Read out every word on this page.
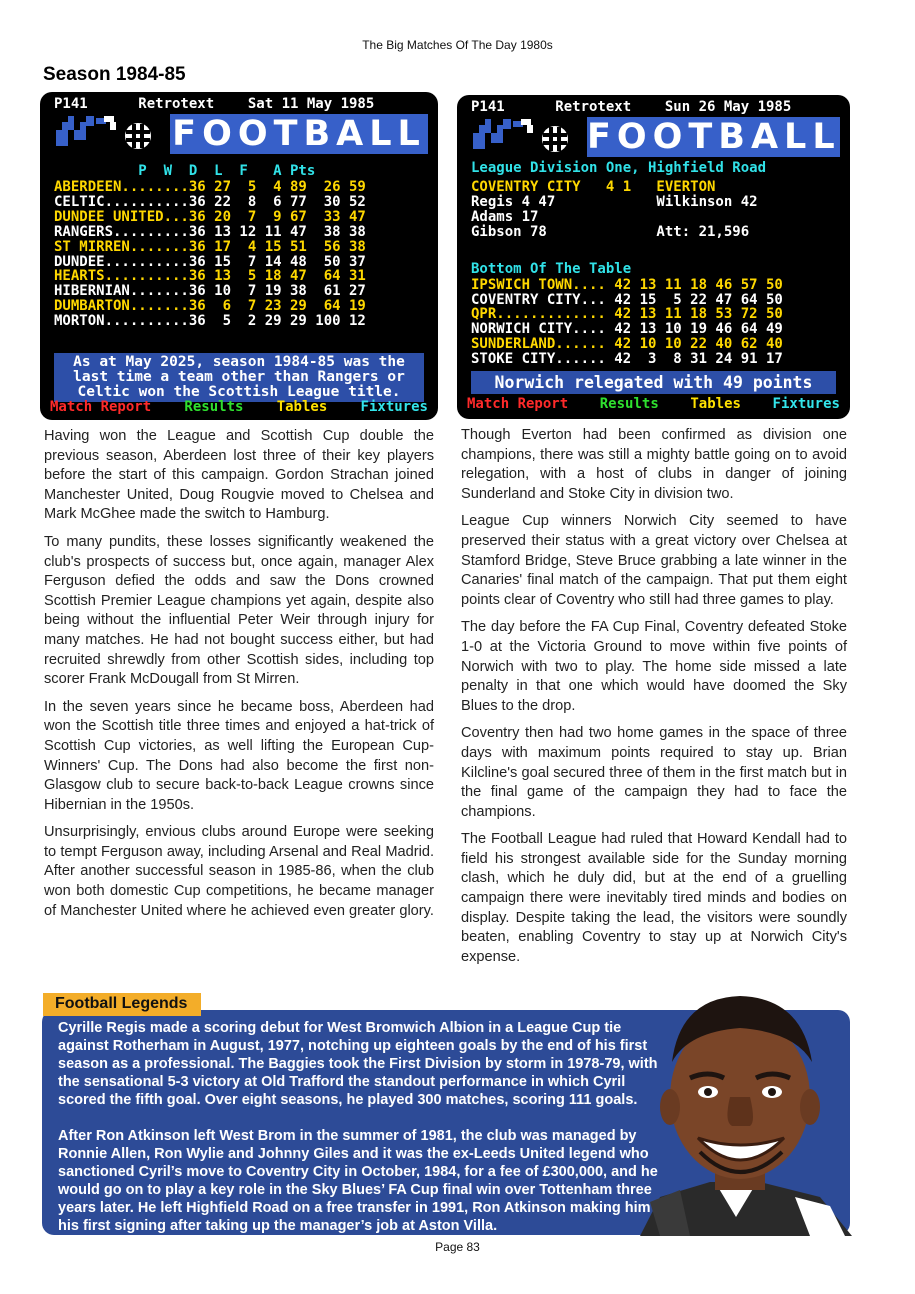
The Big Matches Of The Day 1980s
Season 1984-85
P141      Retrotext    Sat 11 May 1985
FOOTBALL
P  W  D  L  F   A Pts
ABERDEEN........36 27  5  4 89  26 59
CELTIC..........36 22  8  6 77  30 52
DUNDEE UNITED...36 20  7  9 67  33 47
RANGERS.........36 13 12 11 47  38 38
ST MIRREN.......36 17  4 15 51  56 38
DUNDEE..........36 15  7 14 48  50 37
HEARTS..........36 13  5 18 47  64 31
HIBERNIAN.......36 10  7 19 38  61 27
DUMBARTON.......36  6  7 23 29  64 19
MORTON..........36  5  2 29 29 100 12
As at May 2025, season 1984-85 was the
last time a team other than Rangers or
Celtic won the Scottish League title.
Match Report Results Tables Fixtures
P141      Retrotext    Sun 26 May 1985
FOOTBALL
League Division One, Highfield Road
COVENTRY CITY   4 1   EVERTON
Regis 4 47            Wilkinson 42
Adams 17
Gibson 78             Att: 21,596
Bottom Of The Table
IPSWICH TOWN.... 42 13 11 18 46 57 50
COVENTRY CITY... 42 15  5 22 47 64 50
QPR............. 42 13 11 18 53 72 50
NORWICH CITY.... 42 13 10 19 46 64 49
SUNDERLAND...... 42 10 10 22 40 62 40
STOKE CITY...... 42  3  8 31 24 91 17
Norwich relegated with 49 points
Match Report Results Tables Fixtures

Having won the League and Scottish Cup double the previous season, Aberdeen lost three of their key players before the start of this campaign. Gordon Strachan joined Manchester United, Doug Rougvie moved to Chelsea and Mark McGhee made the switch to Hamburg.

To many pundits, these losses significantly weakened the club's prospects of success but, once again, manager Alex Ferguson defied the odds and saw the Dons crowned Scottish Premier League champions yet again, despite also being without the influential Peter Weir through injury for many matches. He had not bought success either, but had recruited shrewdly from other Scottish sides, including top scorer Frank McDougall from St Mirren.

In the seven years since he became boss, Aberdeen had won the Scottish title three times and enjoyed a hat-trick of Scottish Cup victories, as well lifting the European Cup-Winners' Cup. The Dons had also become the first non-Glasgow club to secure back-to-back League crowns since Hibernian in the 1950s.

Unsurprisingly, envious clubs around Europe were seeking to tempt Ferguson away, including Arsenal and Real Madrid. After another successful season in 1985-86, when the club won both domestic Cup competitions, he became manager of Manchester United where he achieved even greater glory.

Though Everton had been confirmed as division one champions, there was still a mighty battle going on to avoid relegation, with a host of clubs in danger of joining Sunderland and Stoke City in division two.

League Cup winners Norwich City seemed to have preserved their status with a great victory over Chelsea at Stamford Bridge, Steve Bruce grabbing a late winner in the Canaries' final match of the campaign. That put them eight points clear of Coventry who still had three games to play.

The day before the FA Cup Final, Coventry defeated Stoke 1-0 at the Victoria Ground to move within five points of Norwich with two to play. The home side missed a late penalty in that one which would have doomed the Sky Blues to the drop.

Coventry then had two home games in the space of three days with maximum points required to stay up. Brian Kilcline's goal secured three of them in the first match but in the final game of the campaign they had to face the champions.

The Football League had ruled that Howard Kendall had to field his strongest available side for the Sunday morning clash, which he duly did, but at the end of a gruelling campaign there were inevitably tired minds and bodies on display. Despite taking the lead, the visitors were soundly beaten, enabling Coventry to stay up at Norwich City's expense.

Football Legends

Cyrille Regis made a scoring debut for West Bromwich Albion in a League Cup tie against Rotherham in August, 1977, notching up eighteen goals by the end of his first season as a professional. The Baggies took the First Division by storm in 1978-79, with the sensational 5-3 victory at Old Trafford the standout performance in which Cyril scored the fifth goal. Over eight seasons, he played 300 matches, scoring 111 goals.

After Ron Atkinson left West Brom in the summer of 1981, the club was managed by Ronnie Allen, Ron Wylie and Johnny Giles and it was the ex-Leeds United legend who sanctioned Cyril’s move to Coventry City in October, 1984, for a fee of £300,000, and he would go on to play a key role in the Sky Blues’ FA Cup final win over Tottenham three years later. He left Highfield Road on a free transfer in 1991, Ron Atkinson making him his first signing after taking up the manager’s job at Aston Villa.

Page 83
